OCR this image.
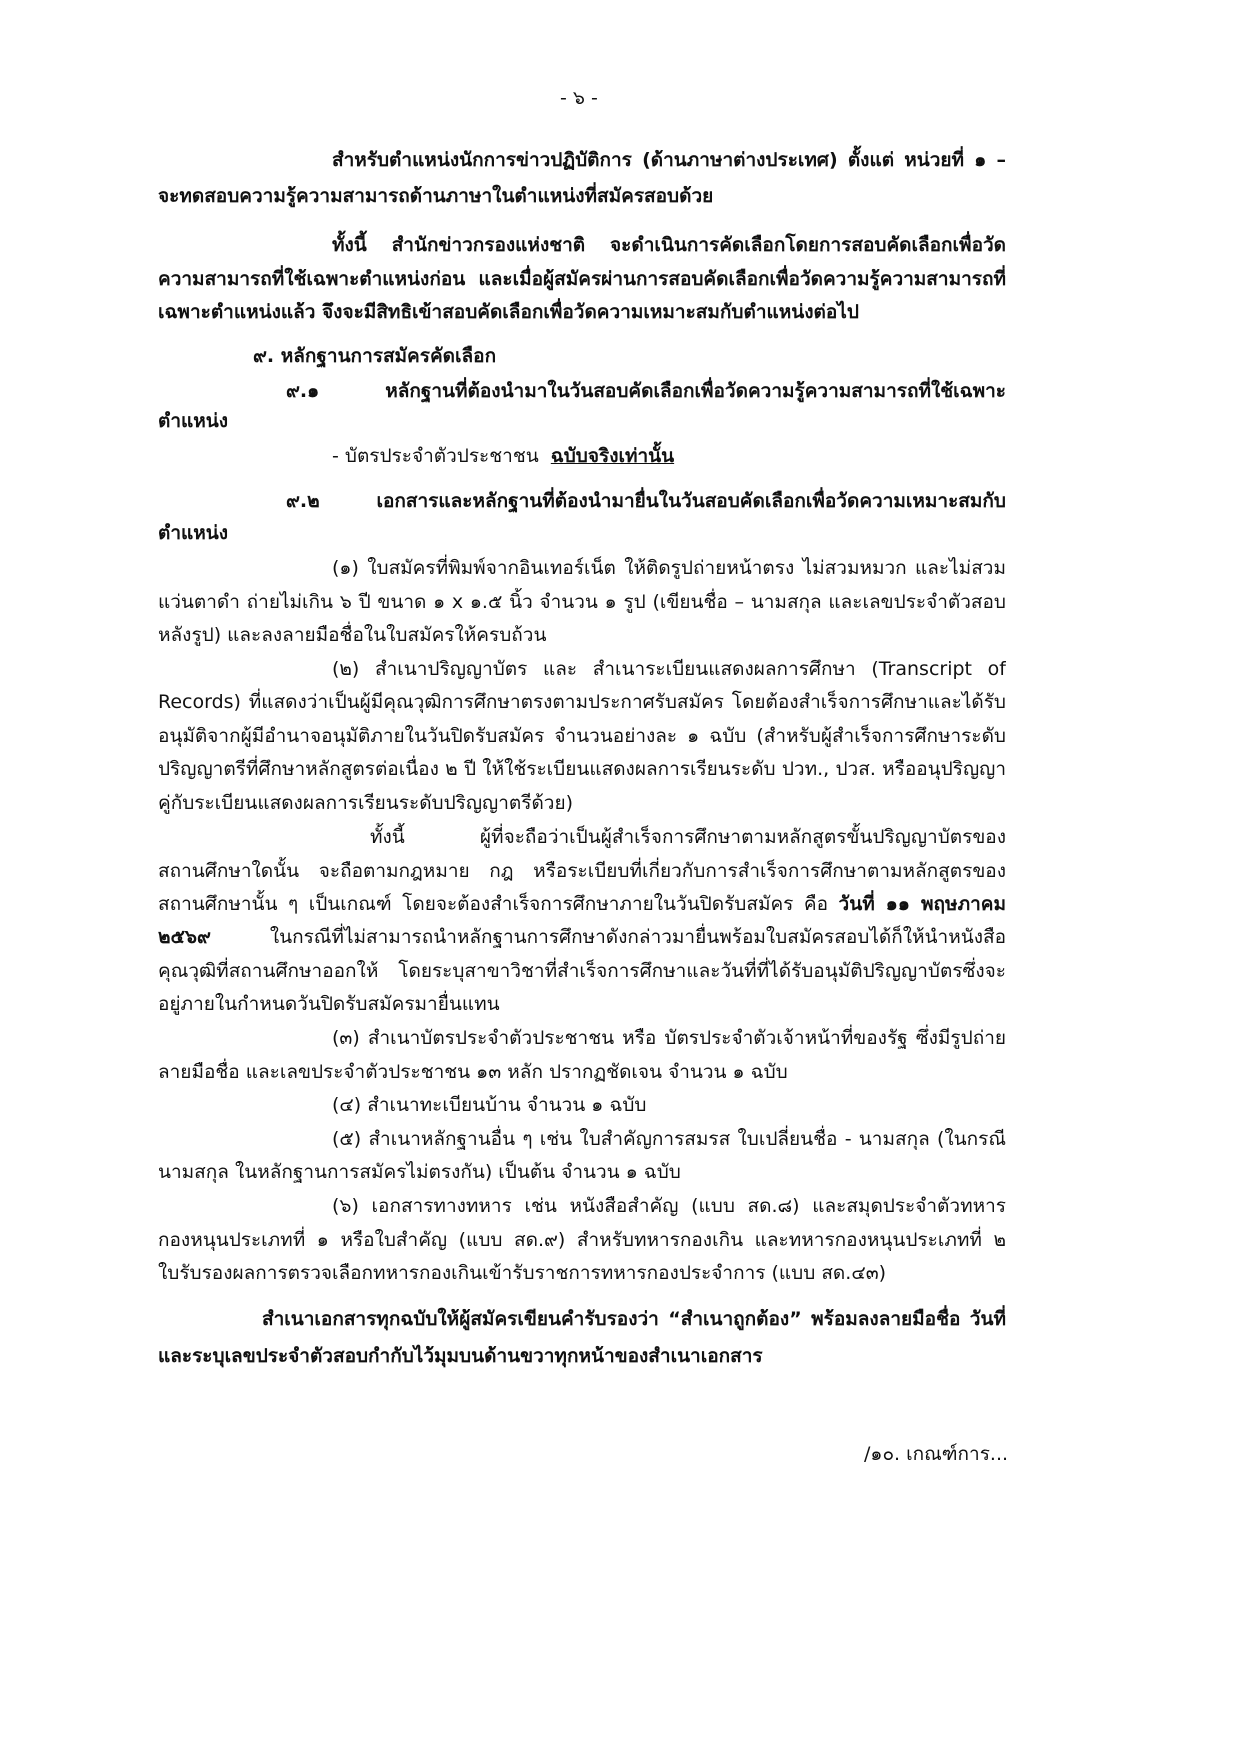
- ๖ -
สำหรับตำแหน่งนักการข่าวปฏิบัติการ (ด้านภาษาต่างประเทศ) ตั้งแต่ หน่วยที่ ๑ –
จะทดสอบความรู้ความสามารถด้านภาษาในตำแหน่งที่สมัครสอบด้วย
ทั้งนี้ สำนักข่าวกรองแห่งชาติ จะดำเนินการคัดเลือกโดยการสอบคัดเลือกเพื่อวัด
ความสามารถที่ใช้เฉพาะตำแหน่งก่อน และเมื่อผู้สมัครผ่านการสอบคัดเลือกเพื่อวัดความรู้ความสามารถที่
เฉพาะตำแหน่งแล้ว จึงจะมีสิทธิเข้าสอบคัดเลือกเพื่อวัดความเหมาะสมกับตำแหน่งต่อไป
๙. หลักฐานการสมัครคัดเลือก
๙.๑ หลักฐานที่ต้องนำมาในวันสอบคัดเลือกเพื่อวัดความรู้ความสามารถที่ใช้เฉพาะ
ตำแหน่ง
- บัตรประจำตัวประชาชน ฉบับจริงเท่านั้น
๙.๒ เอกสารและหลักฐานที่ต้องนำมายื่นในวันสอบคัดเลือกเพื่อวัดความเหมาะสมกับ
ตำแหน่ง
(๑) ใบสมัครที่พิมพ์จากอินเทอร์เน็ต ให้ติดรูปถ่ายหน้าตรง ไม่สวมหมวก และไม่สวม
แว่นตาดำ ถ่ายไม่เกิน ๖ ปี ขนาด ๑ x ๑.๕ นิ้ว จำนวน ๑ รูป (เขียนชื่อ – นามสกุล และเลขประจำตัวสอบ
หลังรูป) และลงลายมือชื่อในใบสมัครให้ครบถ้วน
(๒) สำเนาปริญญาบัตร และ สำเนาระเบียนแสดงผลการศึกษา (Transcript of
Records) ที่แสดงว่าเป็นผู้มีคุณวุฒิการศึกษาตรงตามประกาศรับสมัคร โดยต้องสำเร็จการศึกษาและได้รับ
อนุมัติจากผู้มีอำนาจอนุมัติภายในวันปิดรับสมัคร จำนวนอย่างละ ๑ ฉบับ (สำหรับผู้สำเร็จการศึกษาระดับ
ปริญญาตรีที่ศึกษาหลักสูตรต่อเนื่อง ๒ ปี ให้ใช้ระเบียนแสดงผลการเรียนระดับ ปวท., ปวส. หรืออนุปริญญา
คู่กับระเบียนแสดงผลการเรียนระดับปริญญาตรีด้วย)
ทั้งนี้ ผู้ที่จะถือว่าเป็นผู้สำเร็จการศึกษาตามหลักสูตรขั้นปริญญาบัตรของ
สถานศึกษาใดนั้น จะถือตามกฎหมาย กฎ หรือระเบียบที่เกี่ยวกับการสำเร็จการศึกษาตามหลักสูตรของ
สถานศึกษานั้น ๆ เป็นเกณฑ์ โดยจะต้องสำเร็จการศึกษาภายในวันปิดรับสมัคร คือ วันที่ ๑๑ พฤษภาคม
๒๕๖๙	ในกรณีที่ไม่สามารถนำหลักฐานการศึกษาดังกล่าวมายื่นพร้อมใบสมัครสอบได้ก็ให้นำหนังสือ
คุณวุฒิที่สถานศึกษาออกให้ โดยระบุสาขาวิชาที่สำเร็จการศึกษาและวันที่ที่ได้รับอนุมัติปริญญาบัตรซึ่งจะ
อยู่ภายในกำหนดวันปิดรับสมัครมายื่นแทน
(๓) สำเนาบัตรประจำตัวประชาชน หรือ บัตรประจำตัวเจ้าหน้าที่ของรัฐ ซึ่งมีรูปถ่าย
ลายมือชื่อ และเลขประจำตัวประชาชน ๑๓ หลัก ปรากฏชัดเจน จำนวน ๑ ฉบับ
(๔) สำเนาทะเบียนบ้าน จำนวน ๑ ฉบับ
(๕) สำเนาหลักฐานอื่น ๆ เช่น ใบสำคัญการสมรส ใบเปลี่ยนชื่อ - นามสกุล (ในกรณี
นามสกุล ในหลักฐานการสมัครไม่ตรงกัน) เป็นต้น จำนวน ๑ ฉบับ
(๖) เอกสารทางทหาร เช่น หนังสือสำคัญ (แบบ สด.๘) และสมุดประจำตัวทหาร
กองหนุนประเภทที่ ๑ หรือใบสำคัญ (แบบ สด.๙) สำหรับทหารกองเกิน และทหารกองหนุนประเภทที่ ๒
ใบรับรองผลการตรวจเลือกทหารกองเกินเข้ารับราชการทหารกองประจำการ (แบบ สด.๔๓)
สำเนาเอกสารทุกฉบับให้ผู้สมัครเขียนคำรับรองว่า “สำเนาถูกต้อง” พร้อมลงลายมือชื่อ วันที่
และระบุเลขประจำตัวสอบกำกับไว้มุมบนด้านขวาทุกหน้าของสำเนาเอกสาร
/๑๐. เกณฑ์การ...
